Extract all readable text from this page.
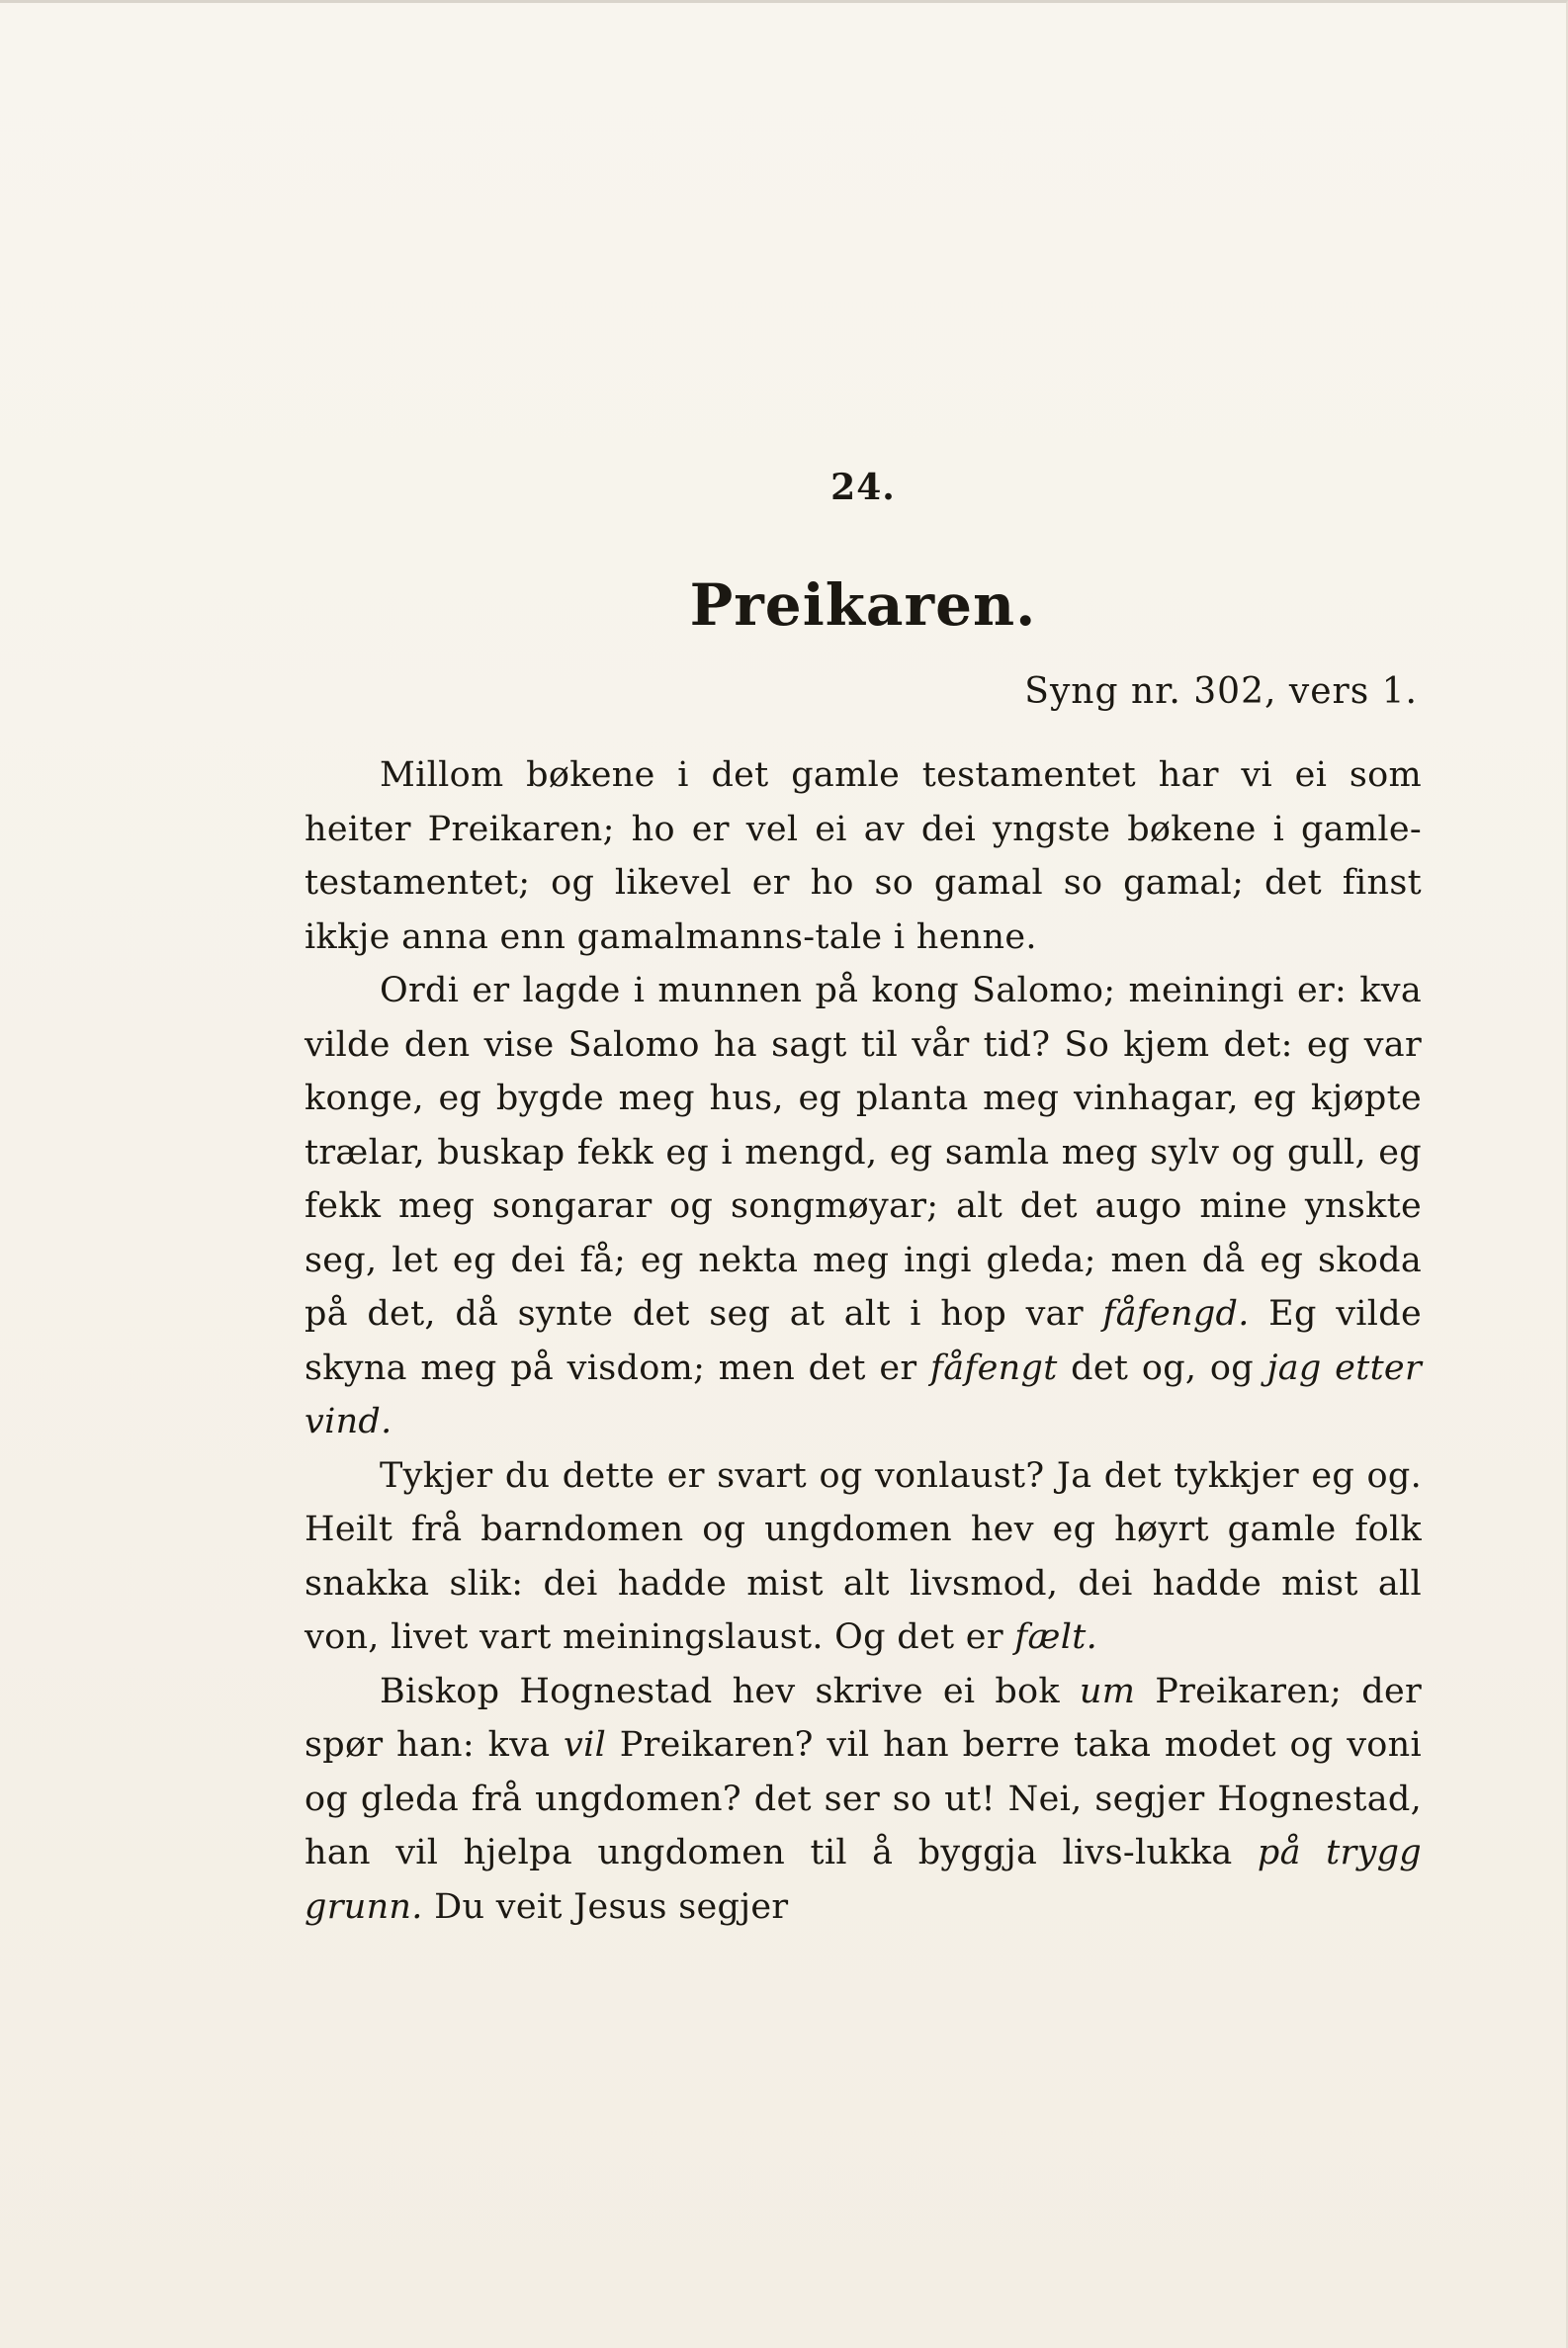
24.
Preikaren.
Syng nr. 302, vers 1.

Millom bøkene i det gamle testamentet har vi ei som heiter Preikaren; ho er vel ei av dei yngste bøkene i gamle-testamentet; og likevel er ho so gamal so gamal; det finst ikkje anna enn gamalmanns-tale i henne.

Ordi er lagde i munnen på kong Salomo; meiningi er: kva vilde den vise Salomo ha sagt til vår tid? So kjem det: eg var konge, eg bygde meg hus, eg planta meg vinhagar, eg kjøpte trælar, buskap fekk eg i mengd, eg samla meg sylv og gull, eg fekk meg songarar og songmøyar; alt det augo mine ynskte seg, let eg dei få; eg nekta meg ingi gleda; men då eg skoda på det, då synte det seg at alt i hop var fåfengd. Eg vilde skyna meg på visdom; men det er fåfengt det og, og jag etter vind.

Tykjer du dette er svart og vonlaust? Ja det tykkjer eg og. Heilt frå barndomen og ungdomen hev eg høyrt gamle folk snakka slik: dei hadde mist alt livsmod, dei hadde mist all von, livet vart meiningslaust. Og det er fælt.

Biskop Hognestad hev skrive ei bok um Preikaren; der spør han: kva vil Preikaren? vil han berre taka modet og voni og gleda frå ungdomen? det ser so ut! Nei, segjer Hognestad, han vil hjelpa ungdomen til å byggja livs-lukka på trygg grunn. Du veit Jesus segjer
